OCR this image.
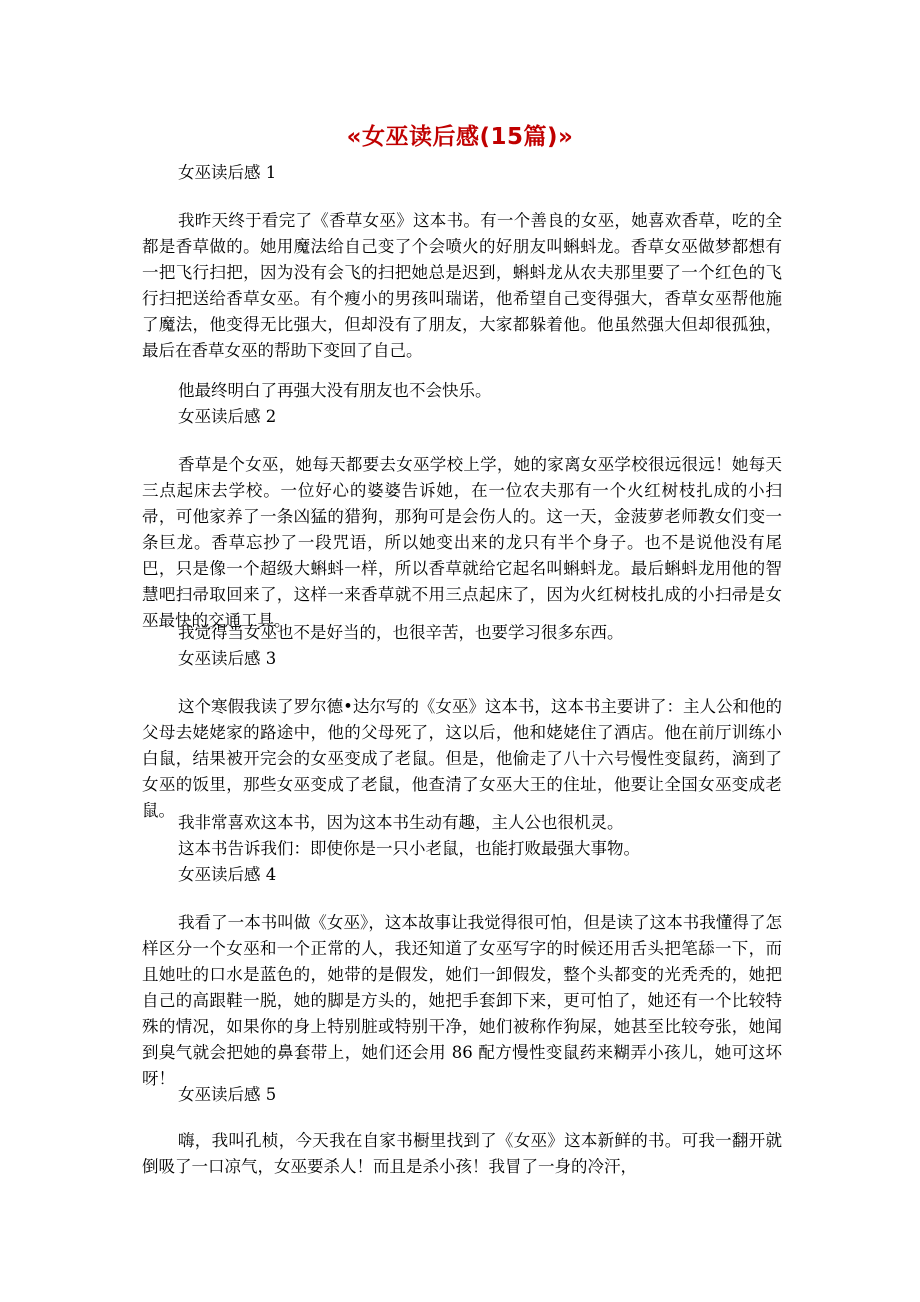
«女巫读后感(15篇)»
女巫读后感 1
我昨天终于看完了《香草女巫》这本书。有一个善良的女巫，她喜欢香草，吃的全都是香草做的。她用魔法给自己变了个会喷火的好朋友叫蝌蚪龙。香草女巫做梦都想有一把飞行扫把，因为没有会飞的扫把她总是迟到，蝌蚪龙从农夫那里要了一个红色的飞行扫把送给香草女巫。有个瘦小的男孩叫瑞诺，他希望自己变得强大，香草女巫帮他施了魔法，他变得无比强大，但却没有了朋友，大家都躲着他。他虽然强大但却很孤独，最后在香草女巫的帮助下变回了自己。
他最终明白了再强大没有朋友也不会快乐。
女巫读后感 2
香草是个女巫，她每天都要去女巫学校上学，她的家离女巫学校很远很远！她每天三点起床去学校。一位好心的婆婆告诉她，在一位农夫那有一个火红树枝扎成的小扫帚，可他家养了一条凶猛的猎狗，那狗可是会伤人的。这一天，金菠萝老师教女们变一条巨龙。香草忘抄了一段咒语，所以她变出来的龙只有半个身子。也不是说他没有尾巴，只是像一个超级大蝌蚪一样，所以香草就给它起名叫蝌蚪龙。最后蝌蚪龙用他的智慧吧扫帚取回来了，这样一来香草就不用三点起床了，因为火红树枝扎成的小扫帚是女巫最快的交通工具。
我觉得当女巫也不是好当的，也很辛苦，也要学习很多东西。
女巫读后感 3
这个寒假我读了罗尔德•达尔写的《女巫》这本书，这本书主要讲了：主人公和他的父母去姥姥家的路途中，他的父母死了，这以后，他和姥姥住了酒店。他在前厅训练小白鼠，结果被开完会的女巫变成了老鼠。但是，他偷走了八十六号慢性变鼠药，滴到了女巫的饭里，那些女巫变成了老鼠，他查清了女巫大王的住址，他要让全国女巫变成老鼠。
我非常喜欢这本书，因为这本书生动有趣，主人公也很机灵。
这本书告诉我们：即使你是一只小老鼠，也能打败最强大事物。
女巫读后感 4
我看了一本书叫做《女巫》，这本故事让我觉得很可怕，但是读了这本书我懂得了怎样区分一个女巫和一个正常的人，我还知道了女巫写字的时候还用舌头把笔舔一下，而且她吐的口水是蓝色的，她带的是假发，她们一卸假发，整个头都变的光秃秃的，她把自己的高跟鞋一脱，她的脚是方头的，她把手套卸下来，更可怕了，她还有一个比较特殊的情况，如果你的身上特别脏或特别干净，她们被称作狗屎，她甚至比较夸张，她闻到臭气就会把她的鼻套带上，她们还会用 86 配方慢性变鼠药来糊弄小孩儿，她可这坏呀！
女巫读后感 5
嗨，我叫孔桢，今天我在自家书橱里找到了《女巫》这本新鲜的书。可我一翻开就倒吸了一口凉气，女巫要杀人！而且是杀小孩！我冒了一身的冷汗，
